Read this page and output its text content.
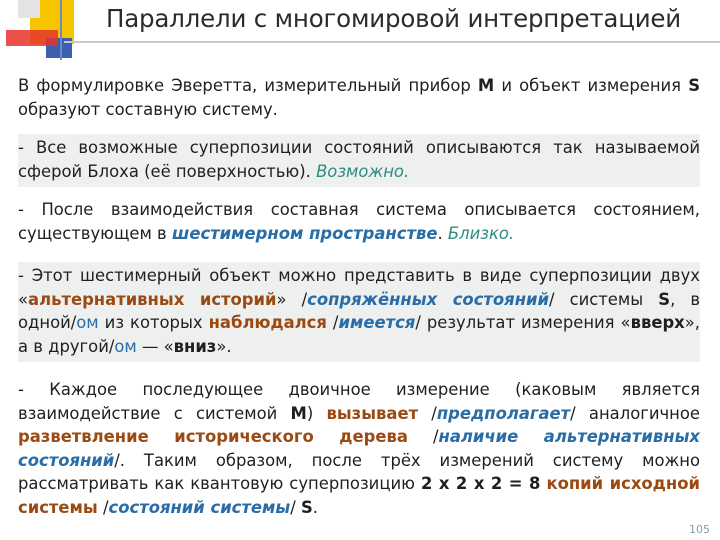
Параллели с многомировой интерпретацией
В формулировке Эверетта, измерительный прибор M и объект измерения S образуют составную систему.
- Все возможные суперпозиции состояний описываются так называемой сферой Блоха (её поверхностью). Возможно.
- После взаимодействия составная система описывается состоянием, существующем в шестимерном пространстве. Близко.
- Этот шестимерный объект можно представить в виде суперпозиции двух «альтернативных историй» /сопряжённых состояний/ системы S, в одной/ом из которых наблюдался /имеется/ результат измерения «вверх», а в другой/ом — «вниз».
- Каждое последующее двоичное измерение (каковым является взаимодействие с системой M) вызывает /предполагает/ аналогичное разветвление исторического дерева /наличие альтернативных состояний/. Таким образом, после трёх измерений систему можно рассматривать как квантовую суперпозицию 2 x 2 x 2 = 8 копий исходной системы /состояний системы/ S.
105
